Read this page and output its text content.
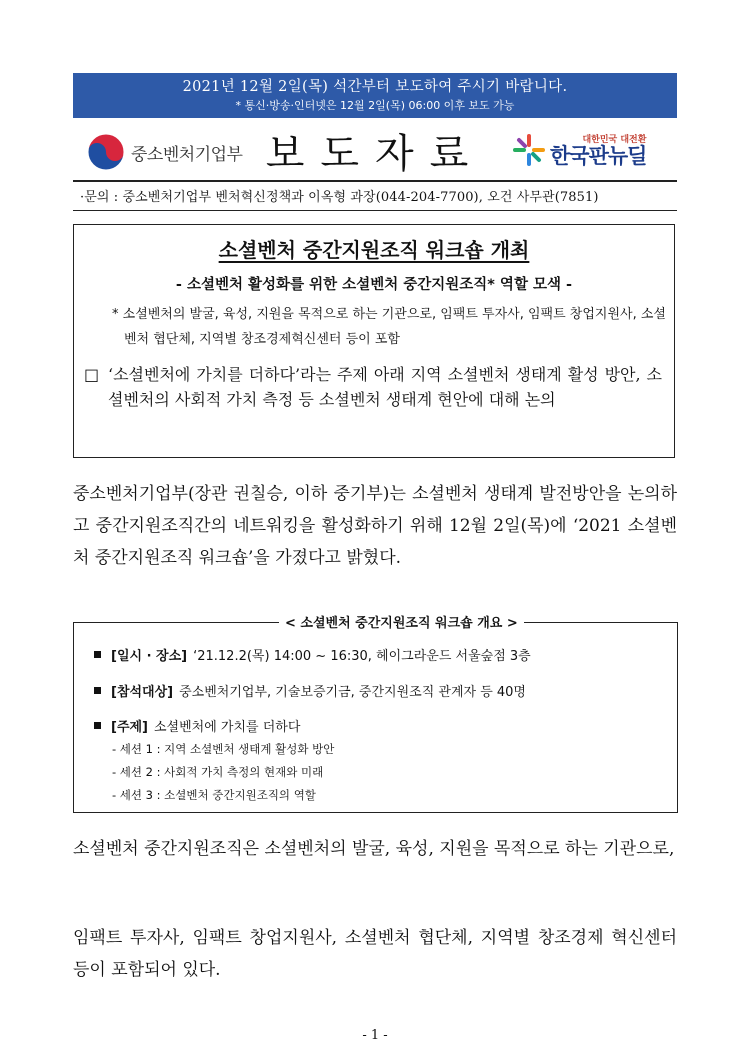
2021년 12월 2일(목) 석간부터 보도하여 주시기 바랍니다.
* 통신·방송·인터넷은 12월 2일(목) 06:00 이후 보도 가능
중소벤처기업부 보도자료	대한민국 대전환
한국판뉴딜
·문의 : 중소벤처기업부 벤처혁신정책과 이옥형 과장(044-204-7700), 오건 사무관(7851)
소셜벤처 중간지원조직 워크숍 개최
- 소셜벤처 활성화를 위한 소셜벤처 중간지원조직* 역할 모색 -
* 소셜벤처의 발굴, 육성, 지원을 목적으로 하는 기관으로, 임팩트 투자사, 임팩트 창업지원사, 소셜벤처 협단체, 지역별 창조경제혁신센터 등이 포함
□ ‘소셜벤처에 가치를 더하다’라는 주제 아래 지역 소셜벤처 생태계 활성 방안, 소셜벤처의 사회적 가치 측정 등 소셜벤처 생태계 현안에 대해 논의
중소벤처기업부(장관 권칠승, 이하 중기부)는 소셜벤처 생태계 발전방안을 논의하고 중간지원조직간의 네트워킹을 활성화하기 위해 12월 2일(목)에 ‘2021 소셜벤처 중간지원조직 워크숍’을 가졌다고 밝혔다.
< 소셜벤처 중간지원조직 워크숍 개요 >
[일시 · 장소] ‘21.12.2(목) 14:00 ~ 16:30, 헤이그라운드 서울숲점 3층
[참석대상] 중소벤처기업부, 기술보증기금, 중간지원조직 관계자 등 40명
[주제] 소셜벤처에 가치를 더하다
- 세션 1 : 지역 소셜벤처 생태계 활성화 방안
- 세션 2 : 사회적 가치 측정의 현재와 미래
- 세션 3 : 소셜벤처 중간지원조직의 역할
소셜벤처 중간지원조직은 소셜벤처의 발굴, 육성, 지원을 목적으로 하는 기관으로,
임팩트 투자사, 임팩트 창업지원사, 소셜벤처 협단체, 지역별 창조경제 혁신센터 등이 포함되어 있다.
- 1 -
